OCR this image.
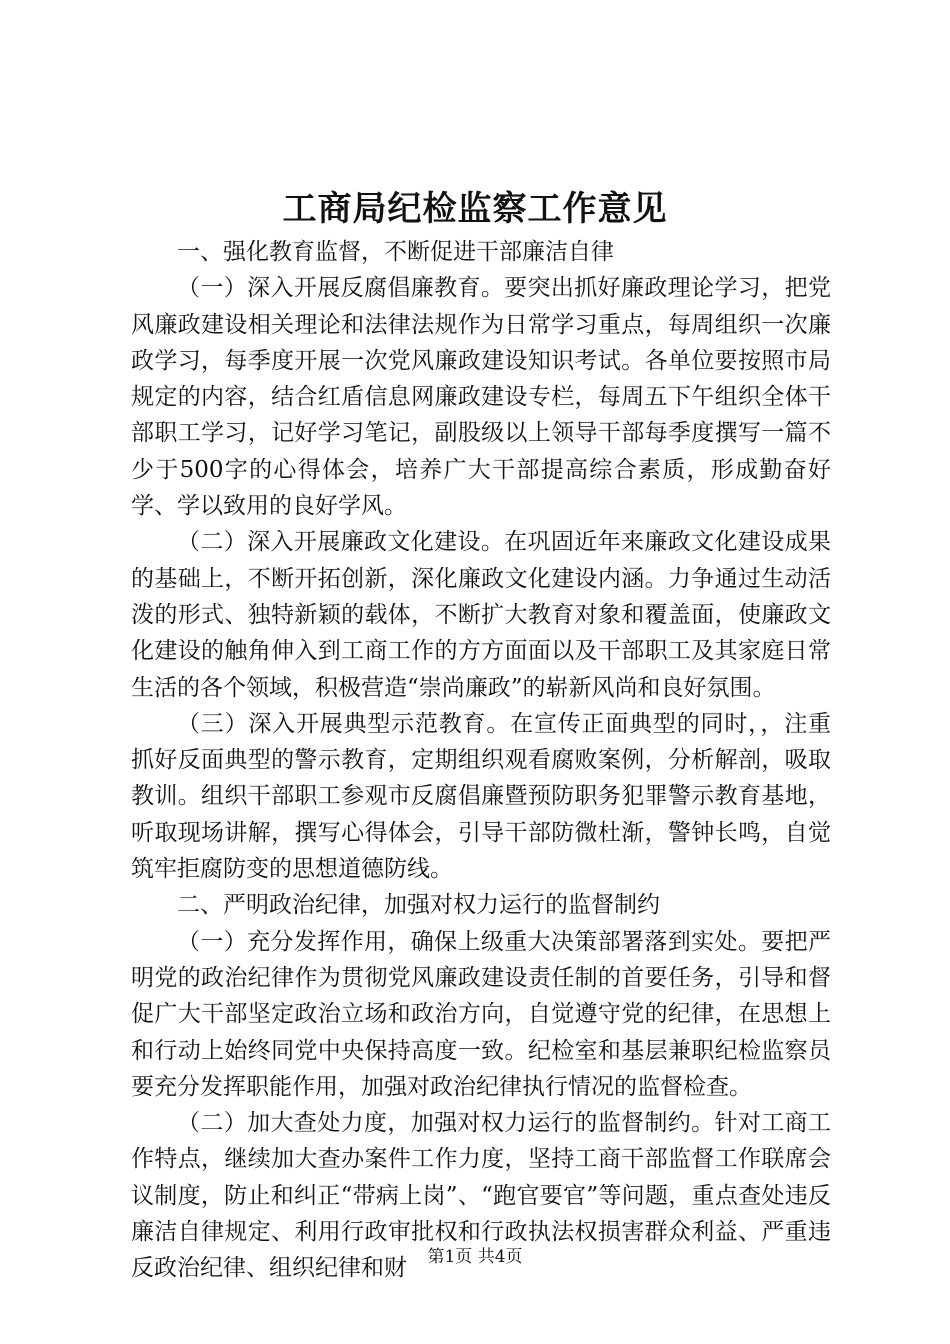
工商局纪检监察工作意见

一、强化教育监督，不断促进干部廉洁自律

（一）深入开展反腐倡廉教育。要突出抓好廉政理论学习，把党风廉政建设相关理论和法律法规作为日常学习重点，每周组织一次廉政学习，每季度开展一次党风廉政建设知识考试。各单位要按照市局规定的内容，结合红盾信息网廉政建设专栏，每周五下午组织全体干部职工学习，记好学习笔记，副股级以上领导干部每季度撰写一篇不少于500字的心得体会，培养广大干部提高综合素质，形成勤奋好学、学以致用的良好学风。

（二）深入开展廉政文化建设。在巩固近年来廉政文化建设成果的基础上，不断开拓创新，深化廉政文化建设内涵。力争通过生动活泼的形式、独特新颖的载体，不断扩大教育对象和覆盖面，使廉政文化建设的触角伸入到工商工作的方方面面以及干部职工及其家庭日常生活的各个领域，积极营造“崇尚廉政”的崭新风尚和良好氛围。

（三）深入开展典型示范教育。在宣传正面典型的同时，，注重抓好反面典型的警示教育，定期组织观看腐败案例，分析解剖，吸取教训。组织干部职工参观市反腐倡廉暨预防职务犯罪警示教育基地，听取现场讲解，撰写心得体会，引导干部防微杜渐，警钟长鸣，自觉筑牢拒腐防变的思想道德防线。

二、严明政治纪律，加强对权力运行的监督制约

（一）充分发挥作用，确保上级重大决策部署落到实处。要把严明党的政治纪律作为贯彻党风廉政建设责任制的首要任务，引导和督促广大干部坚定政治立场和政治方向，自觉遵守党的纪律，在思想上和行动上始终同党中央保持高度一致。纪检室和基层兼职纪检监察员要充分发挥职能作用，加强对政治纪律执行情况的监督检查。

（二）加大查处力度，加强对权力运行的监督制约。针对工商工作特点，继续加大查办案件工作力度，坚持工商干部监督工作联席会议制度，防止和纠正“带病上岗”、“跑官要官”等问题，重点查处违反廉洁自律规定、利用行政审批权和行政执法权损害群众利益、严重违反政治纪律、组织纪律和财	第1页 共4页
